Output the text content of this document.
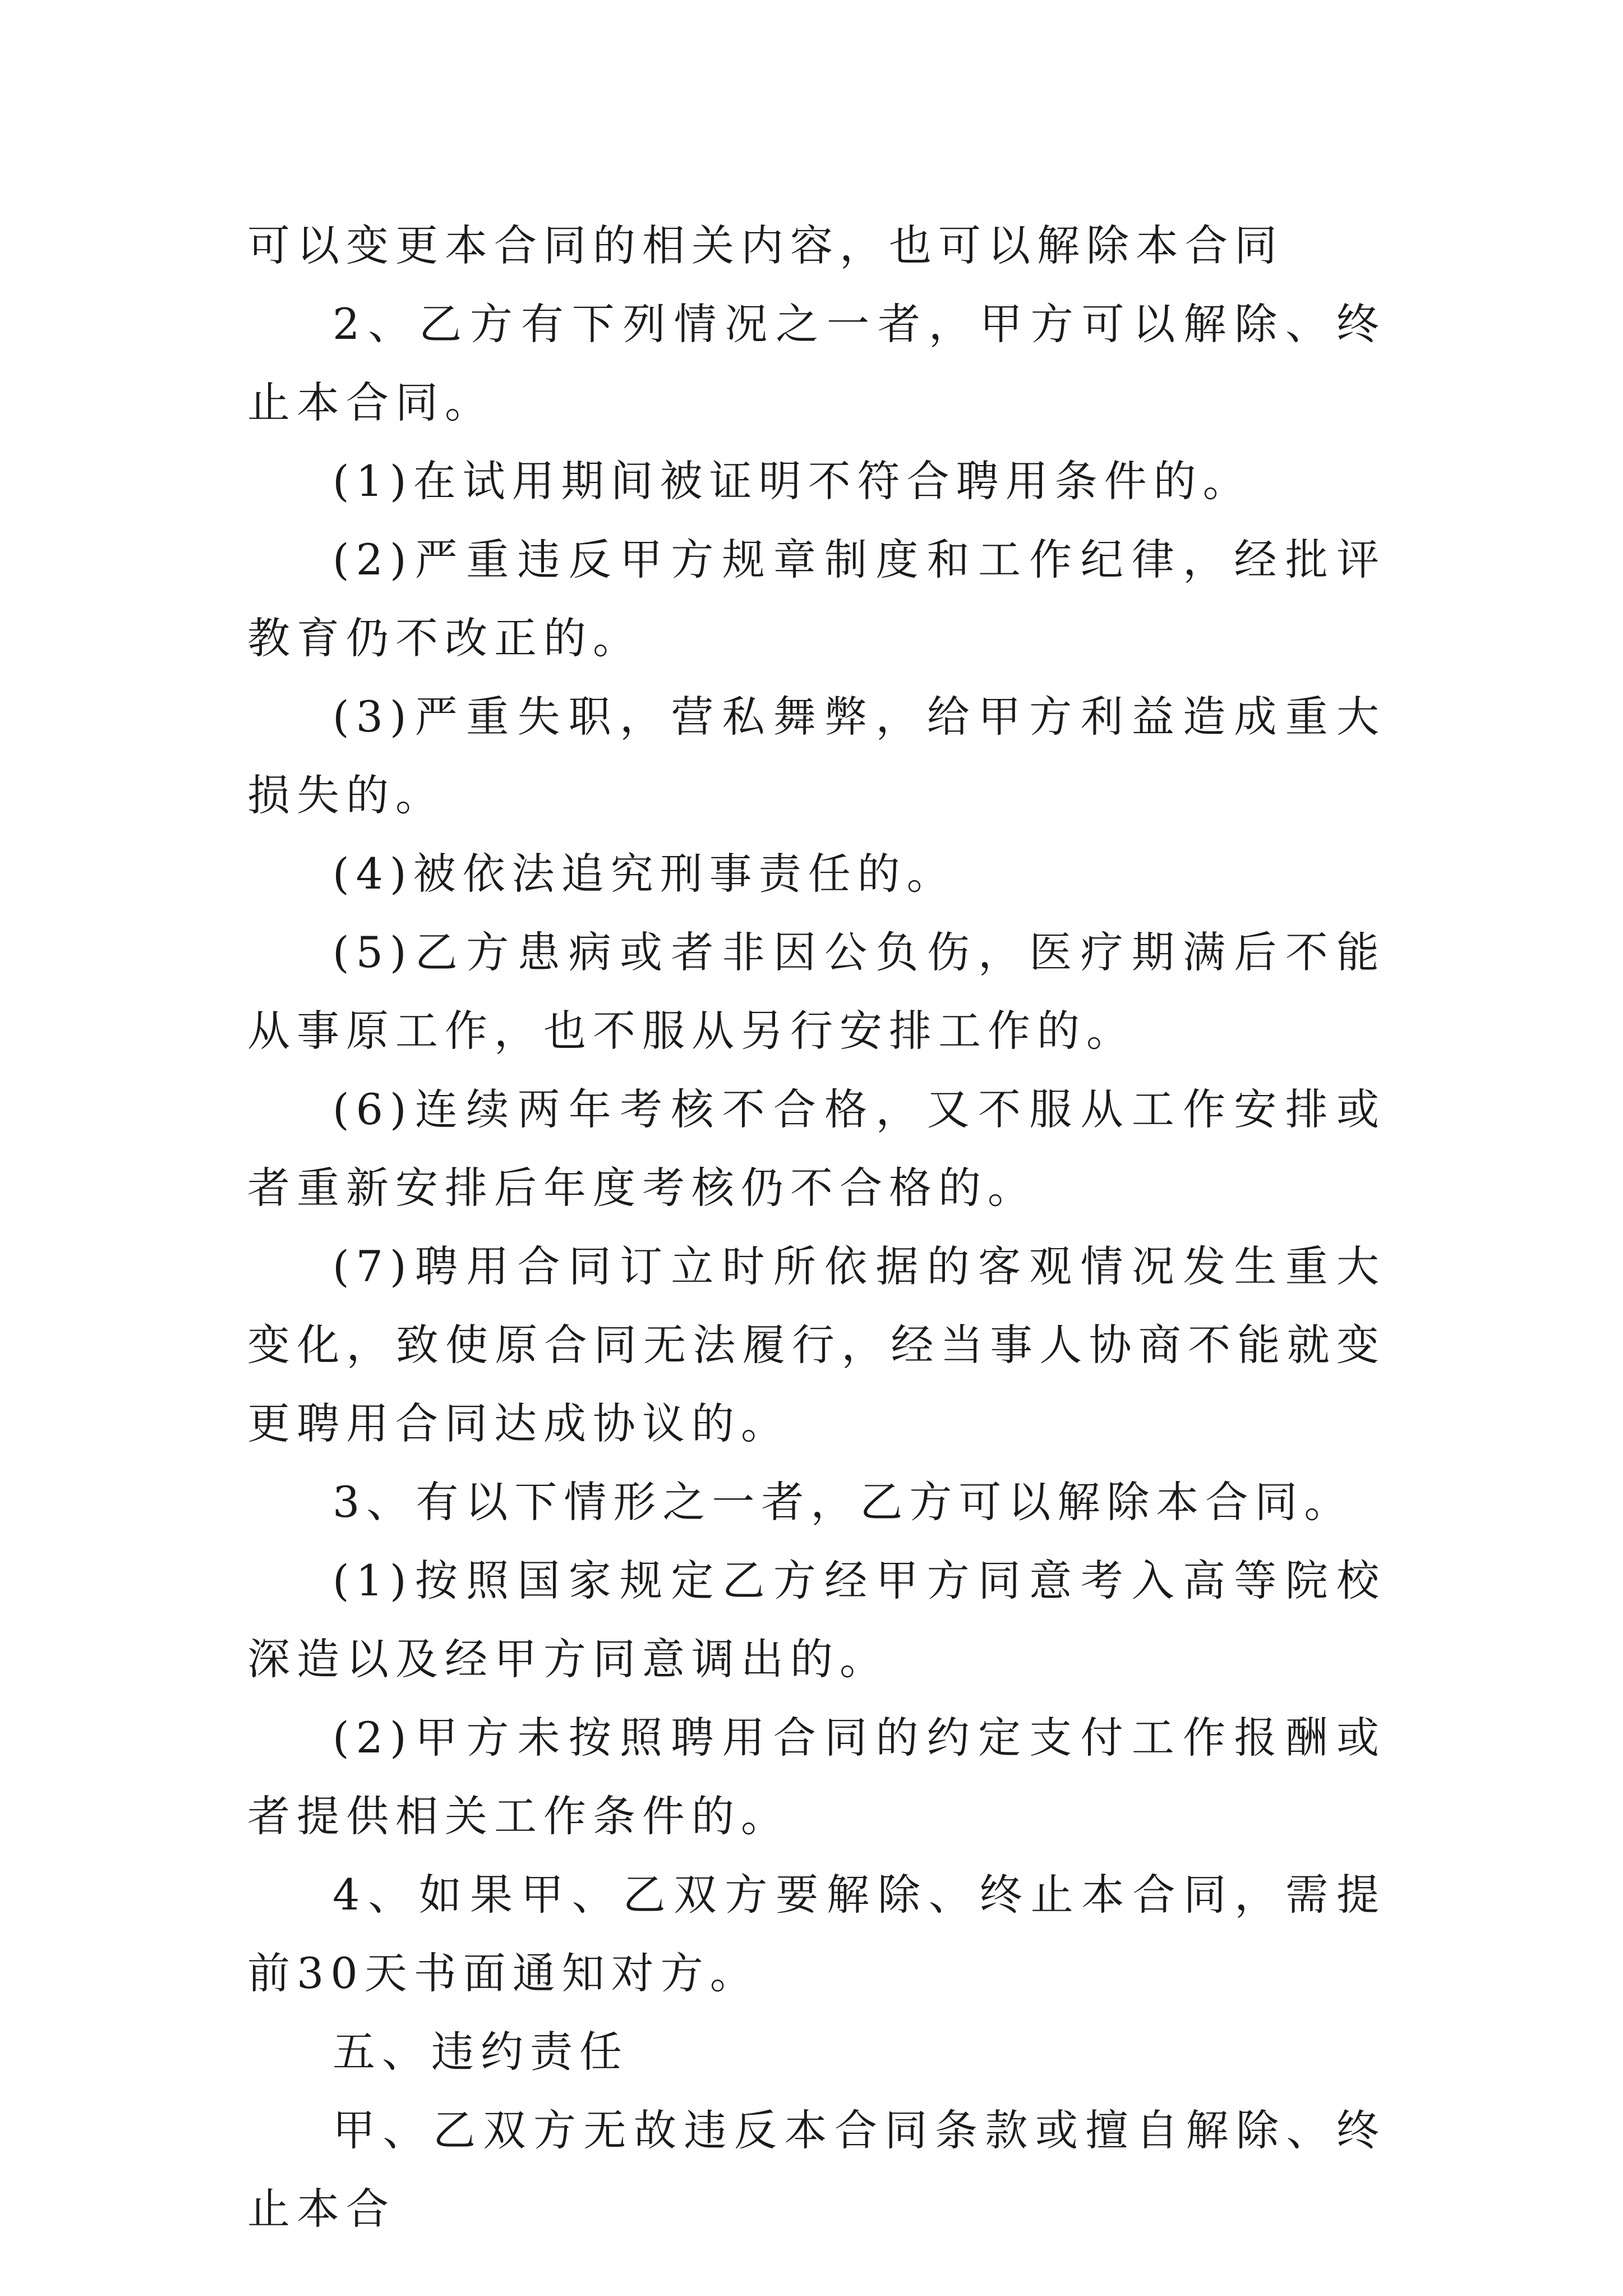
可以变更本合同的相关内容，也可以解除本合同

2、乙方有下列情况之一者，甲方可以解除、终止本合同。

(1)在试用期间被证明不符合聘用条件的。

(2)严重违反甲方规章制度和工作纪律，经批评教育仍不改正的。

(3)严重失职，营私舞弊，给甲方利益造成重大损失的。

(4)被依法追究刑事责任的。

(5)乙方患病或者非因公负伤，医疗期满后不能从事原工作，也不服从另行安排工作的。

(6)连续两年考核不合格，又不服从工作安排或者重新安排后年度考核仍不合格的。

(7)聘用合同订立时所依据的客观情况发生重大变化，致使原合同无法履行，经当事人协商不能就变更聘用合同达成协议的。

3、有以下情形之一者，乙方可以解除本合同。

(1)按照国家规定乙方经甲方同意考入高等院校深造以及经甲方同意调出的。

(2)甲方未按照聘用合同的约定支付工作报酬或者提供相关工作条件的。

4、如果甲、乙双方要解除、终止本合同，需提前30天书面通知对方。

五、违约责任

甲、乙双方无故违反本合同条款或擅自解除、终止本合
